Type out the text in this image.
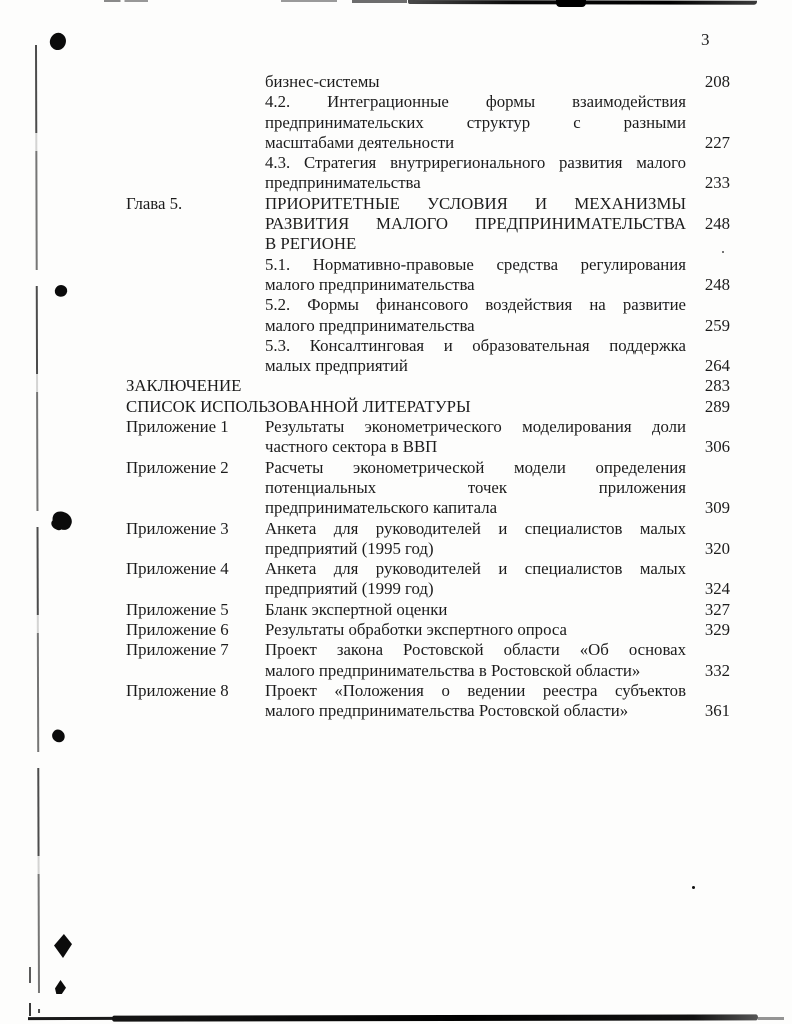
3
бизнес-системы	208
4.2. Интеграционные формы взаимодействия
предпринимательских структур с разными
масштабами деятельности	227
4.3. Стратегия внутрирегионального развития малого
предпринимательства	233
Глава 5.	ПРИОРИТЕТНЫЕ УСЛОВИЯ И МЕХАНИЗМЫ
РАЗВИТИЯ МАЛОГО ПРЕДПРИНИМАТЕЛЬСТВА	248
В РЕГИОНЕ
5.1. Нормативно-правовые средства регулирования
малого предпринимательства	248
5.2. Формы финансового воздействия на развитие
малого предпринимательства	259
5.3. Консалтинговая и образовательная поддержка
малых предприятий	264
ЗАКЛЮЧЕНИЕ	283
СПИСОК ИСПОЛЬЗОВАННОЙ ЛИТЕРАТУРЫ	289
Приложение 1	Результаты эконометрического моделирования доли
частного сектора в ВВП	306
Приложение 2	Расчеты эконометрической модели определения
потенциальных точек приложения
предпринимательского капитала	309
Приложение 3	Анкета для руководителей и специалистов малых
предприятий (1995 год)	320
Приложение 4	Анкета для руководителей и специалистов малых
предприятий (1999 год)	324
Приложение 5	Бланк экспертной оценки	327
Приложение 6	Результаты обработки экспертного опроса	329
Приложение 7	Проект закона Ростовской области «Об основах
малого предпринимательства в Ростовской области»	332
Приложение 8	Проект «Положения о ведении реестра субъектов
малого предпринимательства Ростовской области»	361
